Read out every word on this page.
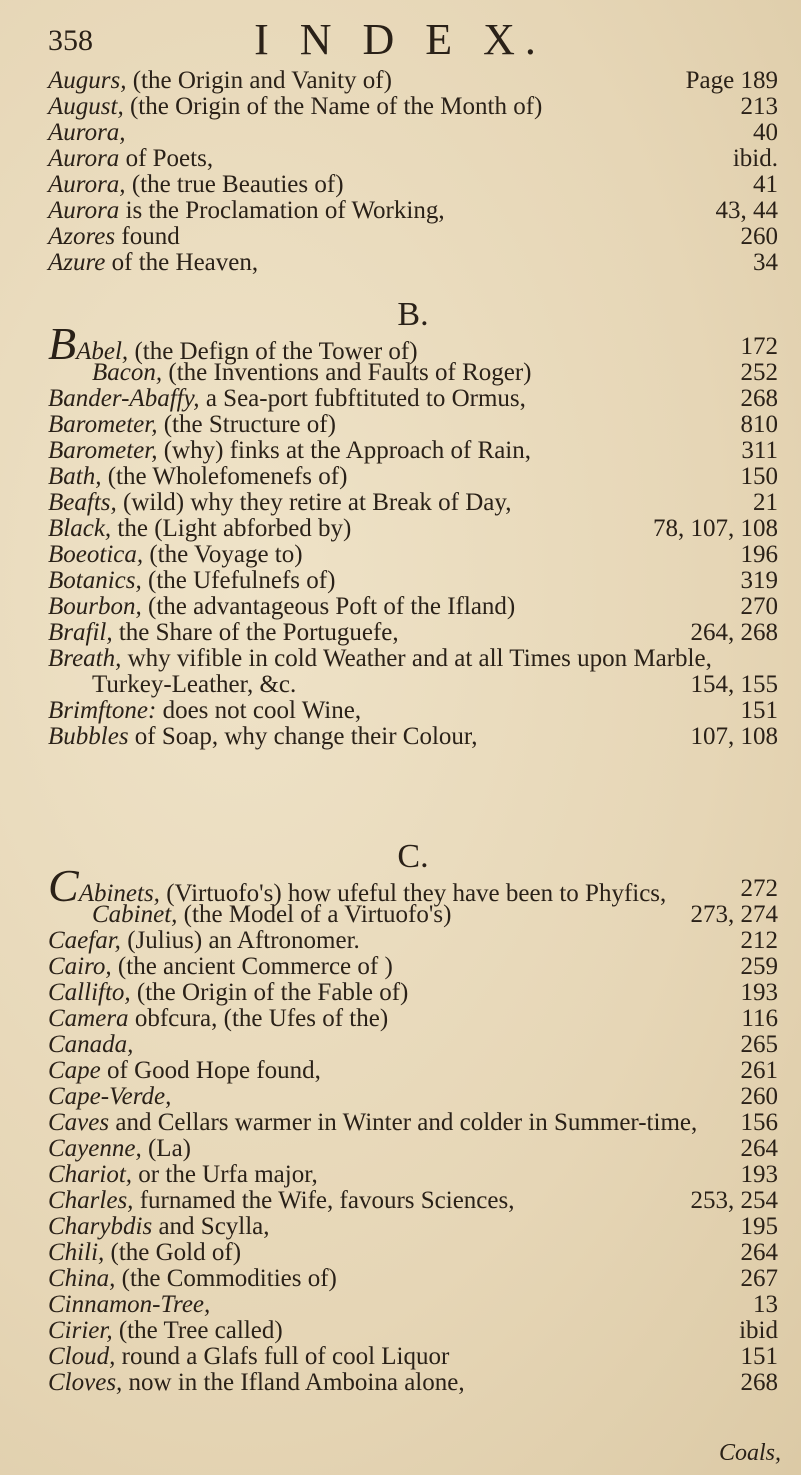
358	I N D E X.
Augurs, (the Origin and Vanity of)	Page 189
August, (the Origin of the Name of the Month of)	213
Aurora,	40
Aurora of Poets,	ibid.
Aurora, (the true Beauties of)	41
Aurora is the Proclamation of Working,	43, 44
Azores found	260
Azure of the Heaven,	34
B.
BAbel, (the Defign of the Tower of)	172
Bacon, (the Inventions and Faults of Roger)	252
Bander-Abaffy, a Sea-port fubftituted to Ormus,	268
Barometer, (the Structure of)	810
Barometer, (why) finks at the Approach of Rain,	311
Bath, (the Wholefomenefs of)	150
Beafts, (wild) why they retire at Break of Day,	21
Black, the (Light abforbed by)	78, 107, 108
Boeotica, (the Voyage to)	196
Botanics, (the Ufefulnefs of)	319
Bourbon, (the advantageous Poft of the Ifland)	270
Brafil, the Share of the Portuguefe,	264, 268
Breath, why vifible in cold Weather and at all Times upon Marble,
Turkey-Leather, &c.	154, 155
Brimftone: does not cool Wine,	151
Bubbles of Soap, why change their Colour,	107, 108
C.
CAbinets, (Virtuofo's) how ufeful they have been to Phyfics,	272
Cabinet, (the Model of a Virtuofo's)	273, 274
Caefar, (Julius) an Aftronomer.	212
Cairo, (the ancient Commerce of )	259
Callifto, (the Origin of the Fable of)	193
Camera obfcura, (the Ufes of the)	116
Canada,	265
Cape of Good Hope found,	261
Cape-Verde,	260
Caves and Cellars warmer in Winter and colder in Summer-time, 156
Cayenne, (La)	264
Chariot, or the Urfa major,	193
Charles, furnamed the Wife, favours Sciences,	253, 254
Charybdis and Scylla,	195
Chili, (the Gold of)	264
China, (the Commodities of)	267
Cinnamon-Tree,	13
Cirier, (the Tree called)	ibid
Cloud, round a Glafs full of cool Liquor	151
Cloves, now in the Ifland Amboina alone,	268
Coals,
